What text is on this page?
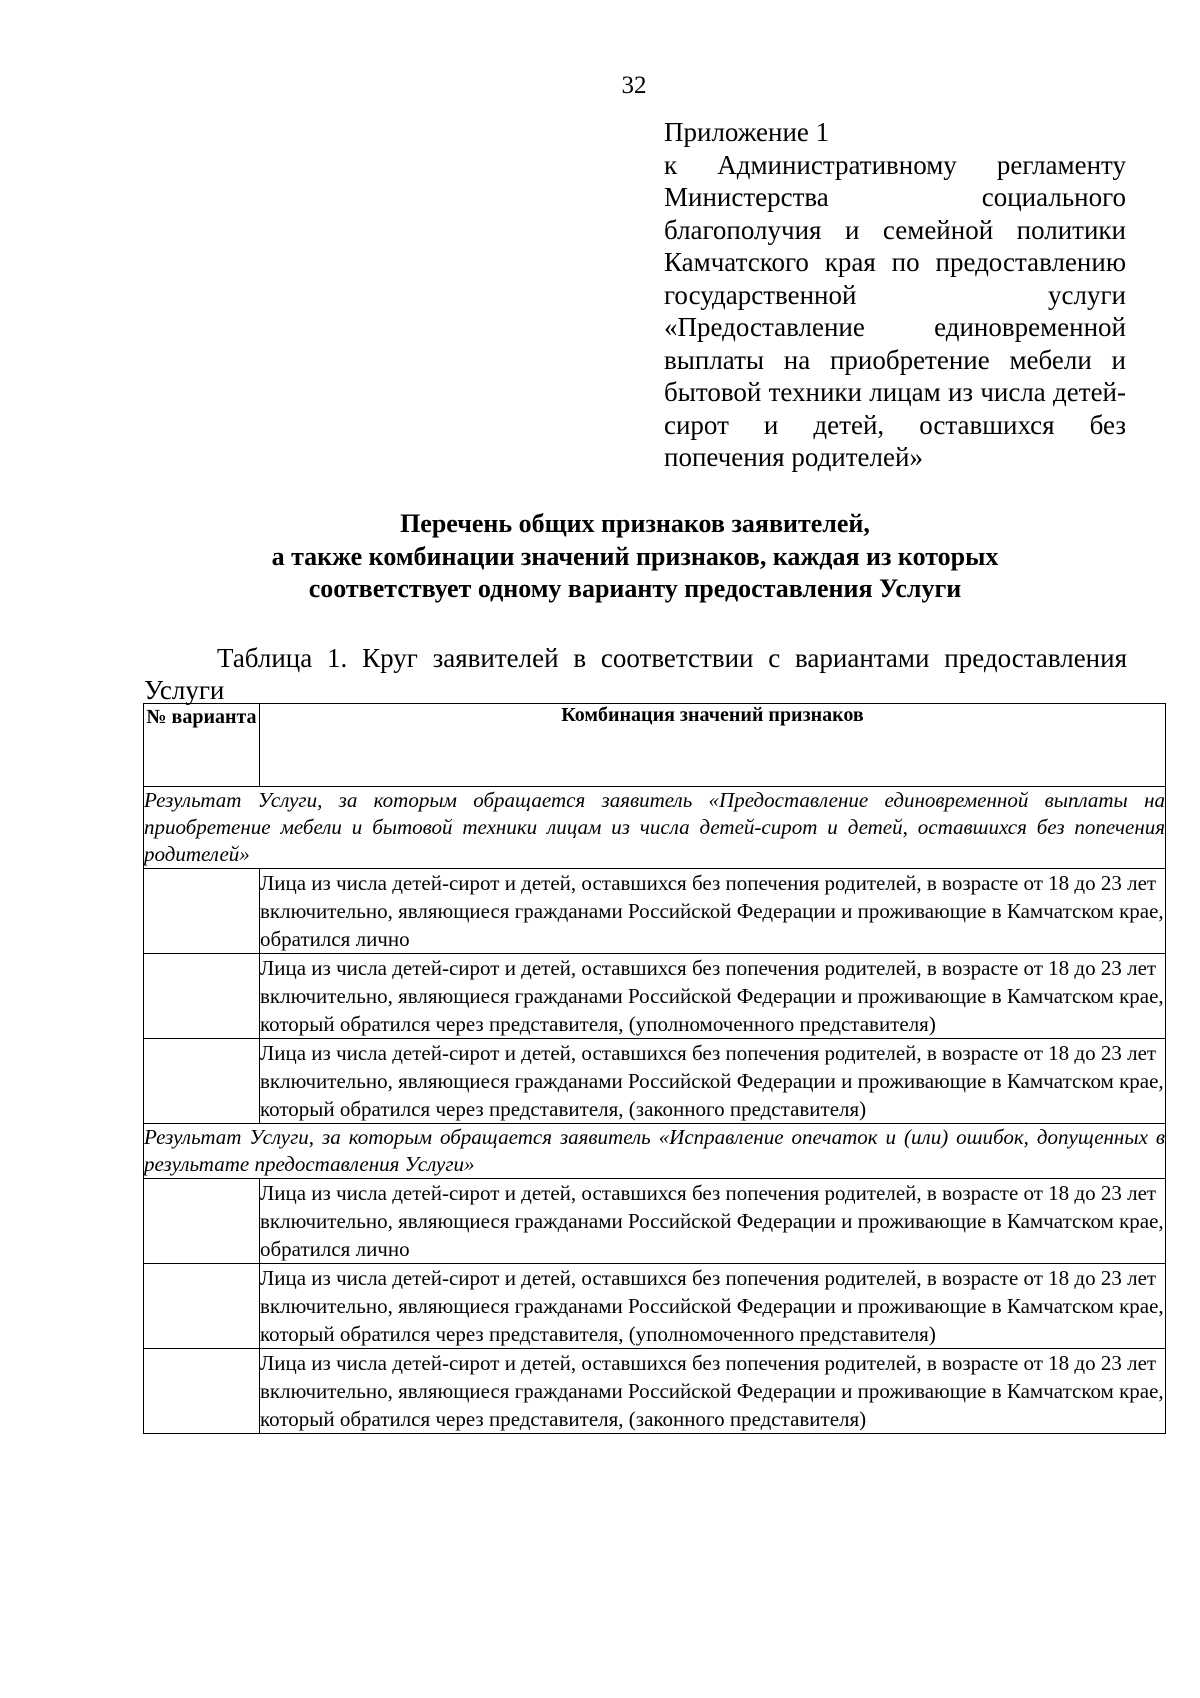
32
Приложение 1
к Административному регламенту Министерства социального благополучия и семейной политики Камчатского края по предоставлению государственной услуги «Предоставление единовременной выплаты на приобретение мебели и бытовой техники лицам из числа детей-сирот и детей, оставшихся без попечения родителей»
Перечень общих признаков заявителей,
а также комбинации значений признаков, каждая из которых
соответствует одному варианту предоставления Услуги
Таблица 1. Круг заявителей в соответствии с вариантами предоставления Услуги
№ варианта	Комбинация значений признаков
Результат Услуги, за которым обращается заявитель «Предоставление единовременной выплаты на приобретение мебели и бытовой техники лицам из числа детей-сирот и детей, оставшихся без попечения родителей»	
	Лица из числа детей-сирот и детей, оставшихся без попечения родителей, в возрасте от 18 до 23 лет включительно, являющиеся гражданами Российской Федерации и проживающие в Камчатском крае, обратился лично
	Лица из числа детей-сирот и детей, оставшихся без попечения родителей, в возрасте от 18 до 23 лет включительно, являющиеся гражданами Российской Федерации и проживающие в Камчатском крае, который обратился через представителя, (уполномоченного представителя)
	Лица из числа детей-сирот и детей, оставшихся без попечения родителей, в возрасте от 18 до 23 лет включительно, являющиеся гражданами Российской Федерации и проживающие в Камчатском крае, который обратился через представителя, (законного представителя)
Результат Услуги, за которым обращается заявитель «Исправление опечаток и (или) ошибок, допущенных в результате предоставления Услуги»	
	Лица из числа детей-сирот и детей, оставшихся без попечения родителей, в возрасте от 18 до 23 лет включительно, являющиеся гражданами Российской Федерации и проживающие в Камчатском крае, обратился лично
	Лица из числа детей-сирот и детей, оставшихся без попечения родителей, в возрасте от 18 до 23 лет включительно, являющиеся гражданами Российской Федерации и проживающие в Камчатском крае, который обратился через представителя, (уполномоченного представителя)
	Лица из числа детей-сирот и детей, оставшихся без попечения родителей, в возрасте от 18 до 23 лет включительно, являющиеся гражданами Российской Федерации и проживающие в Камчатском крае, который обратился через представителя, (законного представителя)
